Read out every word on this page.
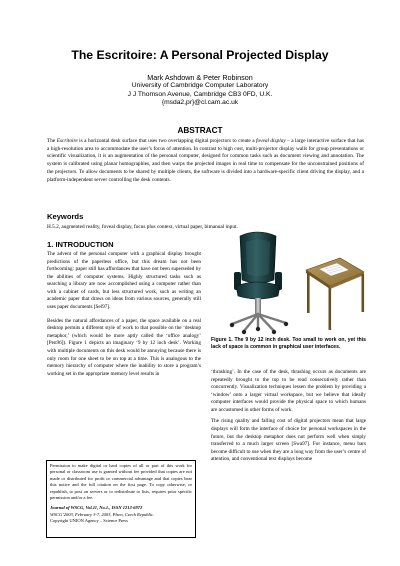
The Escritoire: A Personal Projected Display
Mark Ashdown & Peter Robinson
University of Cambridge Computer Laboratory
J J Thomson Avenue, Cambridge CB3 0FD, U.K.
{msda2,pr}@cl.cam.ac.uk
ABSTRACT

The Escritoire is a horizontal desk surface that uses two overlapping digital projectors to create a foveal display – a large interactive surface that has a high-resolution area to accommodate the user’s focus of attention. In contrast to high cost, multi-projector display walls for group presentations or scientific visualization, it is an augmentation of the personal computer, designed for common tasks such as document viewing and annotation. The system is calibrated using planar homographies, and then warps the projected images in real time to compensate for the unconstrained positions of the projectors. To allow documents to be shared by multiple clients, the software is divided into a hardware-specific client driving the display, and a platform-independent server controlling the desk contents.

Keywords
H.5.2, augmented reality, foveal display, focus plus context, virtual paper, bimanual input.
1. INTRODUCTION

The advent of the personal computer with a graphical display brought predictions of the paperless office, but this dream has not been forthcoming: paper still has affordances that have not been superseded by the abilities of computer systems. Highly structured tasks such as searching a library are now accomplished using a computer rather than with a cabinet of cards, but less structured work, such as writing an academic paper that draws on ideas from various sources, generally still uses paper documents [Sel97].

Besides the natural affordances of a paper, the space available on a real desktop permits a different style of work to that possible on the ‘desktop metaphor,’ (which would be more aptly called the ‘office analogy’ [Pen96]). Figure 1 depicts an imaginary ‘9 by 12 inch desk’. Working with multiple documents on this desk would be annoying because there is only room for one sheet to be on top at a time. This is analogous to the memory hierarchy of computer where the inability to store a program’s working set in the appropriate memory level results in

Permission to make digital or hard copies of all or part of this work for personal or classroom use is granted without fee provided that copies are not made or distributed for profit or commercial advantage and that copies bear this notice and the full citation on the first page. To copy otherwise, or republish, to post on servers or to redistribute to lists, requires prior specific permission and/or a fee.

Journal of WSCG, Vol.11, No.1., ISSN 1213-6972

WSCG’2003, February 3-7, 2003, Plzen, Czech Republic.

Copyright UNION Agency – Science Press

Figure 1. The 9 by 12 inch desk. Too small to work on, yet this lack of space is common in graphical user interfaces.

‘thrashing’. In the case of the desk, thrashing occurs as documents are repeatedly brought to the top to be read consecutively rather than concurrently. Visualization techniques lessen the problem by providing a ‘window’ onto a larger virtual workspace, but we believe that ideally computer interfaces would provide the physical space to which humans are accustomed in other forms of work.

The rising quality and falling cost of digital projectors mean that large displays will form the interface of choice for personal workspaces in the future, but the desktop metaphor does not perform well when simply transferred to a much larger screen [Swa97]. For instance, menu bars become difficult to use when they are a long way from the user’s centre of attention, and conventional text displays become
